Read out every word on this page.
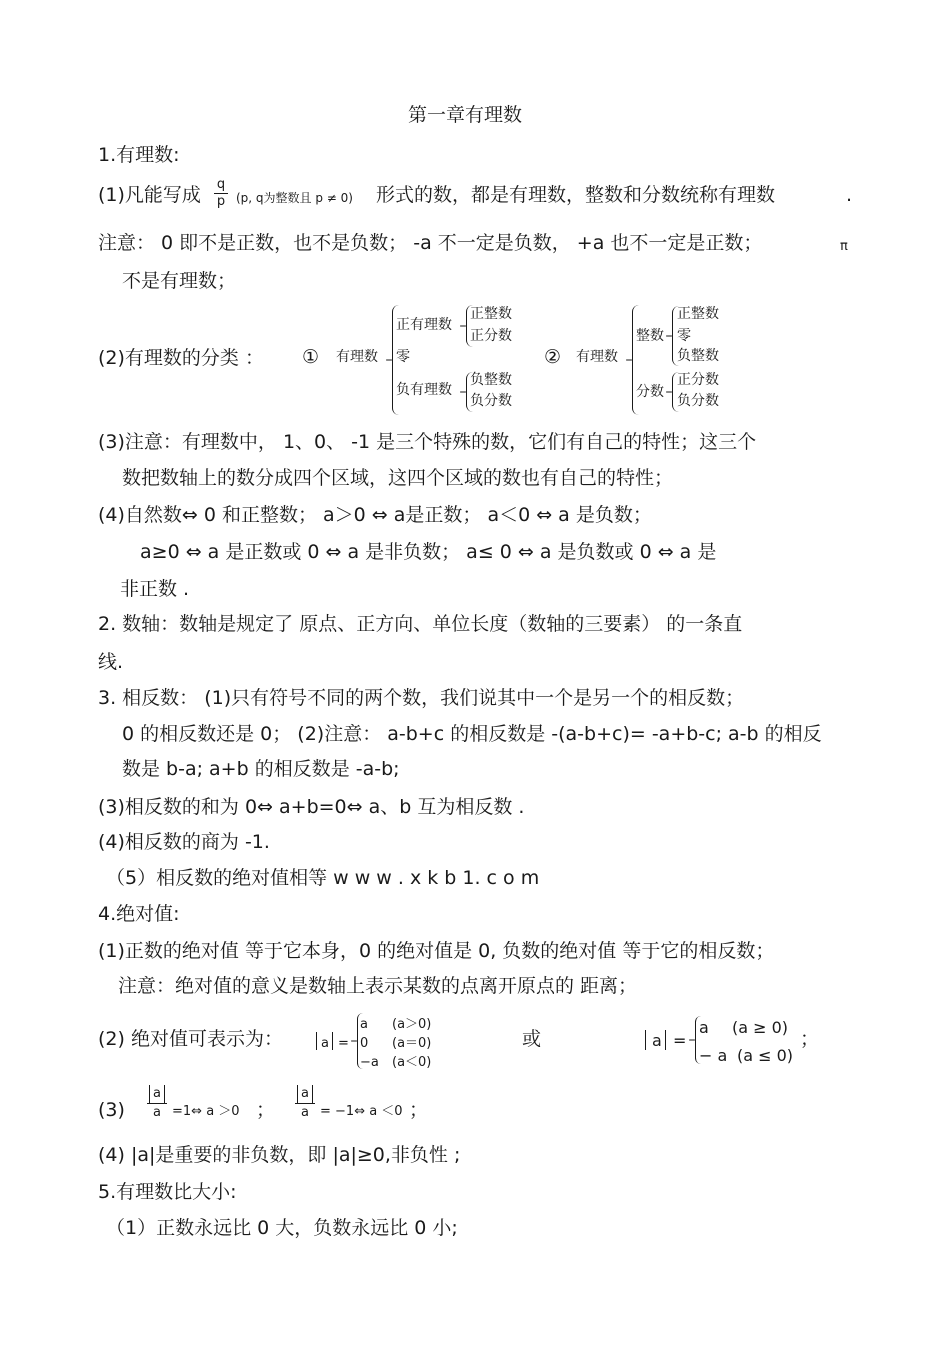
第一章有理数
1.有理数:
(1)凡能写成 q
p (p, q为整数且 p ≠ 0) 形式的数，都是有理数，整数和分数统称有理数	.
注意： 0 即不是正数，也不是负数； -a 不一定是负数， +a 也不一定是正数；	π
不是有理数；
(2)有理数的分类 ： ① 有理数
正有理数
零
负有理数
正整数
正分数
负整数
负分数
② 有理数
整数
分数
正整数
零
负整数
正分数
负分数
(3)注意：有理数中， 1、0、 -1 是三个特殊的数，它们有自己的特性；这三个
数把数轴上的数分成四个区域，这四个区域的数也有自己的特性；
(4)自然数⇔ 0 和正整数； a＞0 ⇔ a是正数； a＜0 ⇔ a 是负数；
a≥0 ⇔ a 是正数或 0 ⇔ a 是非负数； a≤ 0 ⇔ a 是负数或 0 ⇔ a 是
非正数 .
2. 数轴：数轴是规定了 原点、正方向、单位长度（数轴的三要素） 的一条直
线.
3. 相反数： (1)只有符号不同的两个数，我们说其中一个是另一个的相反数；
0 的相反数还是 0； (2)注意： a-b+c 的相反数是 -(a-b+c)= -a+b-c; a-b 的相反
数是 b-a; a+b 的相反数是 -a-b;
(3)相反数的和为 0⇔ a+b=0⇔ a、b 互为相反数 .
(4)相反数的商为 -1.
（5）相反数的绝对值相等 w w w . x k b 1. c o m
4.绝对值:
(1)正数的绝对值 等于它本身，0 的绝对值是 0, 负数的绝对值 等于它的相反数；
注意：绝对值的意义是数轴上表示某数的点离开原点的 距离；
(2) 绝对值可表示为：	a =
a (a＞0)
0 (a＝0)
−a (a＜0)
或	a =
a (a ≥ 0)
− a (a ≤ 0)
；
(3)
a
a =1⇔ a ＞0 ；
a
a = −1⇔ a ＜0 ；
(4) |a|是重要的非负数，即 |a|≥0,非负性 ;
5.有理数比大小:
（1）正数永远比 0 大，负数永远比 0 小;
